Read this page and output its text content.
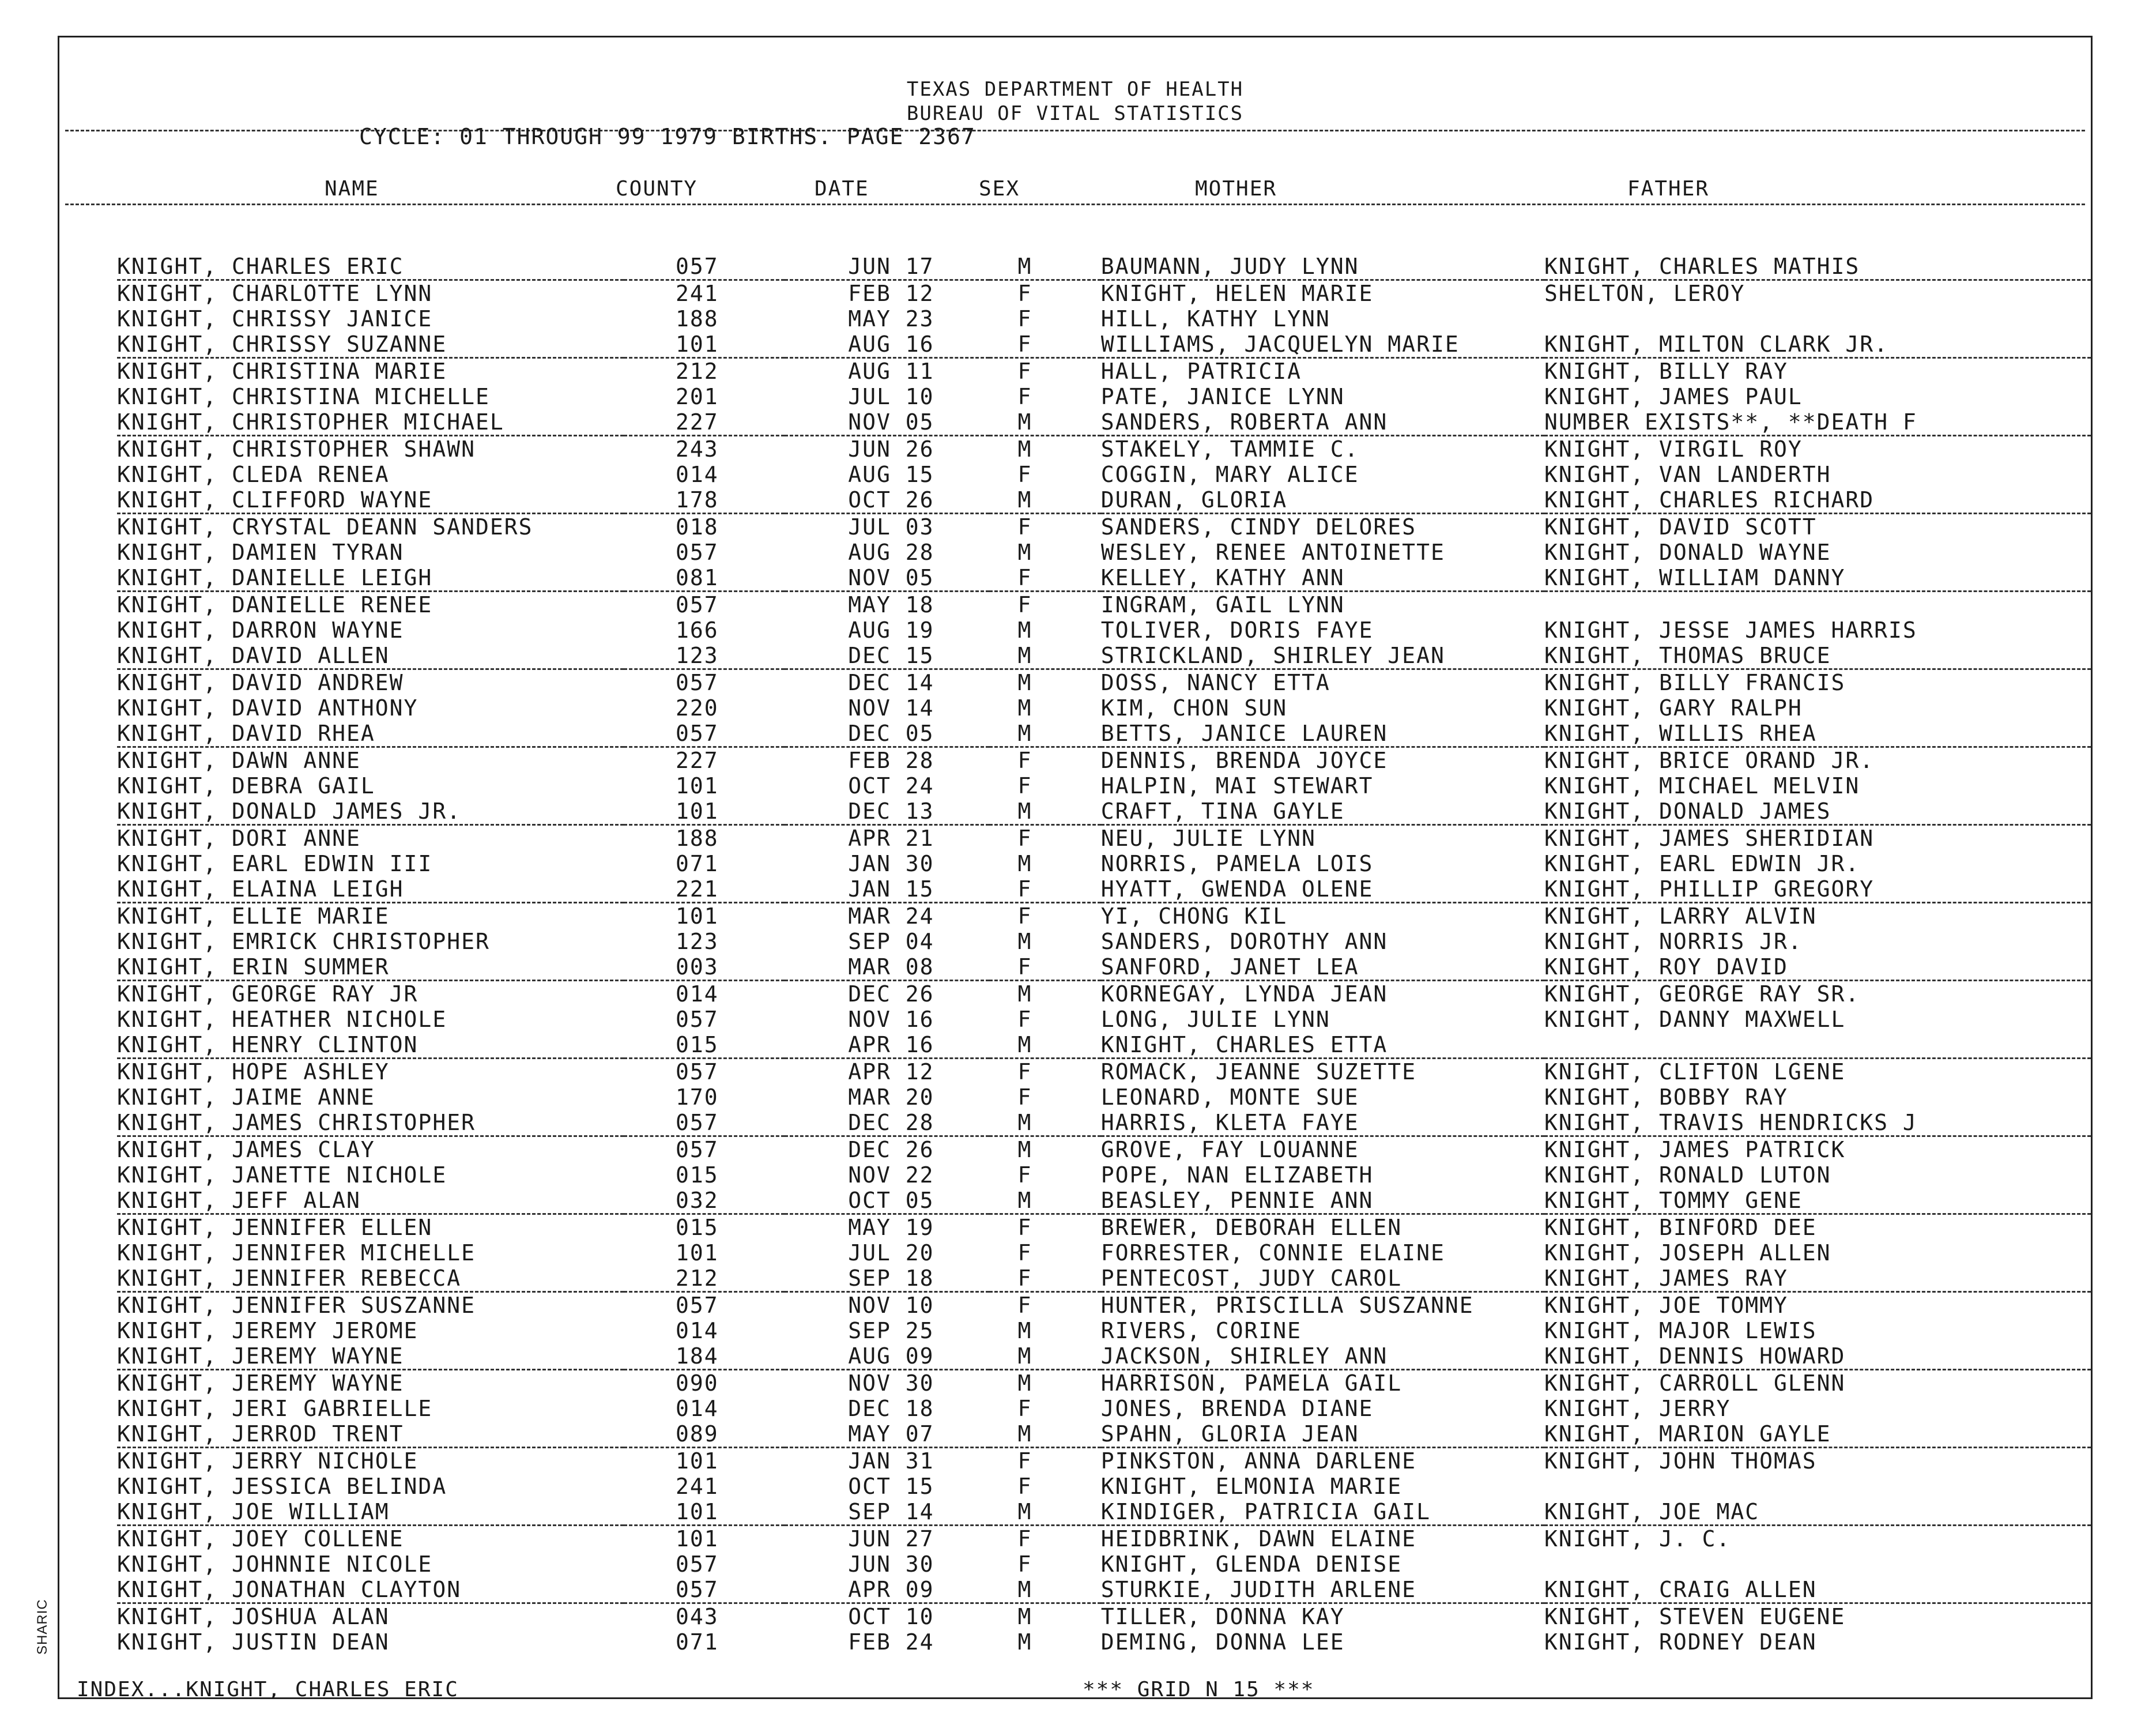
TEXAS DEPARTMENT OF HEALTH
BUREAU OF VITAL STATISTICS
CYCLE: 01 THROUGH 99 1979 BIRTHS. PAGE 2367
NAME	COUNTY	DATE	SEX	MOTHER	FATHER
KNIGHT, CHARLES ERIC	057	JUN 17	M	BAUMANN, JUDY LYNN	KNIGHT, CHARLES MATHIS
KNIGHT, CHARLOTTE LYNN	241	FEB 12	F	KNIGHT, HELEN MARIE	SHELTON, LEROY
KNIGHT, CHRISSY JANICE	188	MAY 23	F	HILL, KATHY LYNN	
KNIGHT, CHRISSY SUZANNE	101	AUG 16	F	WILLIAMS, JACQUELYN MARIE	KNIGHT, MILTON CLARK JR.
KNIGHT, CHRISTINA MARIE	212	AUG 11	F	HALL, PATRICIA	KNIGHT, BILLY RAY
KNIGHT, CHRISTINA MICHELLE	201	JUL 10	F	PATE, JANICE LYNN	KNIGHT, JAMES PAUL
KNIGHT, CHRISTOPHER MICHAEL	227	NOV 05	M	SANDERS, ROBERTA ANN	NUMBER EXISTS**, **DEATH F
KNIGHT, CHRISTOPHER SHAWN	243	JUN 26	M	STAKELY, TAMMIE C.	KNIGHT, VIRGIL ROY
KNIGHT, CLEDA RENEA	014	AUG 15	F	COGGIN, MARY ALICE	KNIGHT, VAN LANDERTH
KNIGHT, CLIFFORD WAYNE	178	OCT 26	M	DURAN, GLORIA	KNIGHT, CHARLES RICHARD
KNIGHT, CRYSTAL DEANN SANDERS	018	JUL 03	F	SANDERS, CINDY DELORES	KNIGHT, DAVID SCOTT
KNIGHT, DAMIEN TYRAN	057	AUG 28	M	WESLEY, RENEE ANTOINETTE	KNIGHT, DONALD WAYNE
KNIGHT, DANIELLE LEIGH	081	NOV 05	F	KELLEY, KATHY ANN	KNIGHT, WILLIAM DANNY
KNIGHT, DANIELLE RENEE	057	MAY 18	F	INGRAM, GAIL LYNN	
KNIGHT, DARRON WAYNE	166	AUG 19	M	TOLIVER, DORIS FAYE	KNIGHT, JESSE JAMES HARRIS
KNIGHT, DAVID ALLEN	123	DEC 15	M	STRICKLAND, SHIRLEY JEAN	KNIGHT, THOMAS BRUCE
KNIGHT, DAVID ANDREW	057	DEC 14	M	DOSS, NANCY ETTA	KNIGHT, BILLY FRANCIS
KNIGHT, DAVID ANTHONY	220	NOV 14	M	KIM, CHON SUN	KNIGHT, GARY RALPH
KNIGHT, DAVID RHEA	057	DEC 05	M	BETTS, JANICE LAUREN	KNIGHT, WILLIS RHEA
KNIGHT, DAWN ANNE	227	FEB 28	F	DENNIS, BRENDA JOYCE	KNIGHT, BRICE ORAND JR.
KNIGHT, DEBRA GAIL	101	OCT 24	F	HALPIN, MAI STEWART	KNIGHT, MICHAEL MELVIN
KNIGHT, DONALD JAMES JR.	101	DEC 13	M	CRAFT, TINA GAYLE	KNIGHT, DONALD JAMES
KNIGHT, DORI ANNE	188	APR 21	F	NEU, JULIE LYNN	KNIGHT, JAMES SHERIDIAN
KNIGHT, EARL EDWIN III	071	JAN 30	M	NORRIS, PAMELA LOIS	KNIGHT, EARL EDWIN JR.
KNIGHT, ELAINA LEIGH	221	JAN 15	F	HYATT, GWENDA OLENE	KNIGHT, PHILLIP GREGORY
KNIGHT, ELLIE MARIE	101	MAR 24	F	YI, CHONG KIL	KNIGHT, LARRY ALVIN
KNIGHT, EMRICK CHRISTOPHER	123	SEP 04	M	SANDERS, DOROTHY ANN	KNIGHT, NORRIS JR.
KNIGHT, ERIN SUMMER	003	MAR 08	F	SANFORD, JANET LEA	KNIGHT, ROY DAVID
KNIGHT, GEORGE RAY JR	014	DEC 26	M	KORNEGAY, LYNDA JEAN	KNIGHT, GEORGE RAY SR.
KNIGHT, HEATHER NICHOLE	057	NOV 16	F	LONG, JULIE LYNN	KNIGHT, DANNY MAXWELL
KNIGHT, HENRY CLINTON	015	APR 16	M	KNIGHT, CHARLES ETTA	
KNIGHT, HOPE ASHLEY	057	APR 12	F	ROMACK, JEANNE SUZETTE	KNIGHT, CLIFTON LGENE
KNIGHT, JAIME ANNE	170	MAR 20	F	LEONARD, MONTE SUE	KNIGHT, BOBBY RAY
KNIGHT, JAMES CHRISTOPHER	057	DEC 28	M	HARRIS, KLETA FAYE	KNIGHT, TRAVIS HENDRICKS J
KNIGHT, JAMES CLAY	057	DEC 26	M	GROVE, FAY LOUANNE	KNIGHT, JAMES PATRICK
KNIGHT, JANETTE NICHOLE	015	NOV 22	F	POPE, NAN ELIZABETH	KNIGHT, RONALD LUTON
KNIGHT, JEFF ALAN	032	OCT 05	M	BEASLEY, PENNIE ANN	KNIGHT, TOMMY GENE
KNIGHT, JENNIFER ELLEN	015	MAY 19	F	BREWER, DEBORAH ELLEN	KNIGHT, BINFORD DEE
KNIGHT, JENNIFER MICHELLE	101	JUL 20	F	FORRESTER, CONNIE ELAINE	KNIGHT, JOSEPH ALLEN
KNIGHT, JENNIFER REBECCA	212	SEP 18	F	PENTECOST, JUDY CAROL	KNIGHT, JAMES RAY
KNIGHT, JENNIFER SUSZANNE	057	NOV 10	F	HUNTER, PRISCILLA SUSZANNE	KNIGHT, JOE TOMMY
KNIGHT, JEREMY JEROME	014	SEP 25	M	RIVERS, CORINE	KNIGHT, MAJOR LEWIS
KNIGHT, JEREMY WAYNE	184	AUG 09	M	JACKSON, SHIRLEY ANN	KNIGHT, DENNIS HOWARD
KNIGHT, JEREMY WAYNE	090	NOV 30	M	HARRISON, PAMELA GAIL	KNIGHT, CARROLL GLENN
KNIGHT, JERI GABRIELLE	014	DEC 18	F	JONES, BRENDA DIANE	KNIGHT, JERRY
KNIGHT, JERROD TRENT	089	MAY 07	M	SPAHN, GLORIA JEAN	KNIGHT, MARION GAYLE
KNIGHT, JERRY NICHOLE	101	JAN 31	F	PINKSTON, ANNA DARLENE	KNIGHT, JOHN THOMAS
KNIGHT, JESSICA BELINDA	241	OCT 15	F	KNIGHT, ELMONIA MARIE	
KNIGHT, JOE WILLIAM	101	SEP 14	M	KINDIGER, PATRICIA GAIL	KNIGHT, JOE MAC
KNIGHT, JOEY COLLENE	101	JUN 27	F	HEIDBRINK, DAWN ELAINE	KNIGHT, J. C.
KNIGHT, JOHNNIE NICOLE	057	JUN 30	F	KNIGHT, GLENDA DENISE	
KNIGHT, JONATHAN CLAYTON	057	APR 09	M	STURKIE, JUDITH ARLENE	KNIGHT, CRAIG ALLEN
KNIGHT, JOSHUA ALAN	043	OCT 10	M	TILLER, DONNA KAY	KNIGHT, STEVEN EUGENE
KNIGHT, JUSTIN DEAN	071	FEB 24	M	DEMING, DONNA LEE	KNIGHT, RODNEY DEAN
INDEX...KNIGHT, CHARLES ERIC	*** GRID N 15 ***
SHARIC
